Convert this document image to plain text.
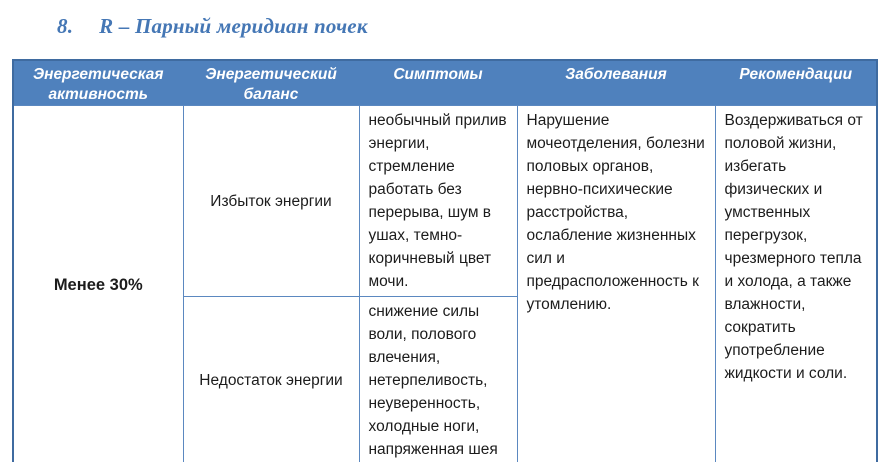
8. R – Парный меридиан почек
Энергетическая активность	Энергетический баланс	Симптомы	Заболевания	Рекомендации
Менее 30%	Избыток энергии	необычный прилив энергии, стремление работать без перерыва, шум в ушах, темно-коричневый цвет мочи.	Нарушение мочеотделения, болезни половых органов, нервно-психические расстройства, ослабление жизненных сил и предрасположенность к утомлению.	Воздерживаться от половой жизни, избегать физических и умственных перегрузок, чрезмерного тепла и холода, а также влажности, сократить употребление жидкости и соли.
	Недостаток энергии	снижение силы воли, полового влечения, нетерпеливость, неуверенность, холодные ноги, напряженная шея		
